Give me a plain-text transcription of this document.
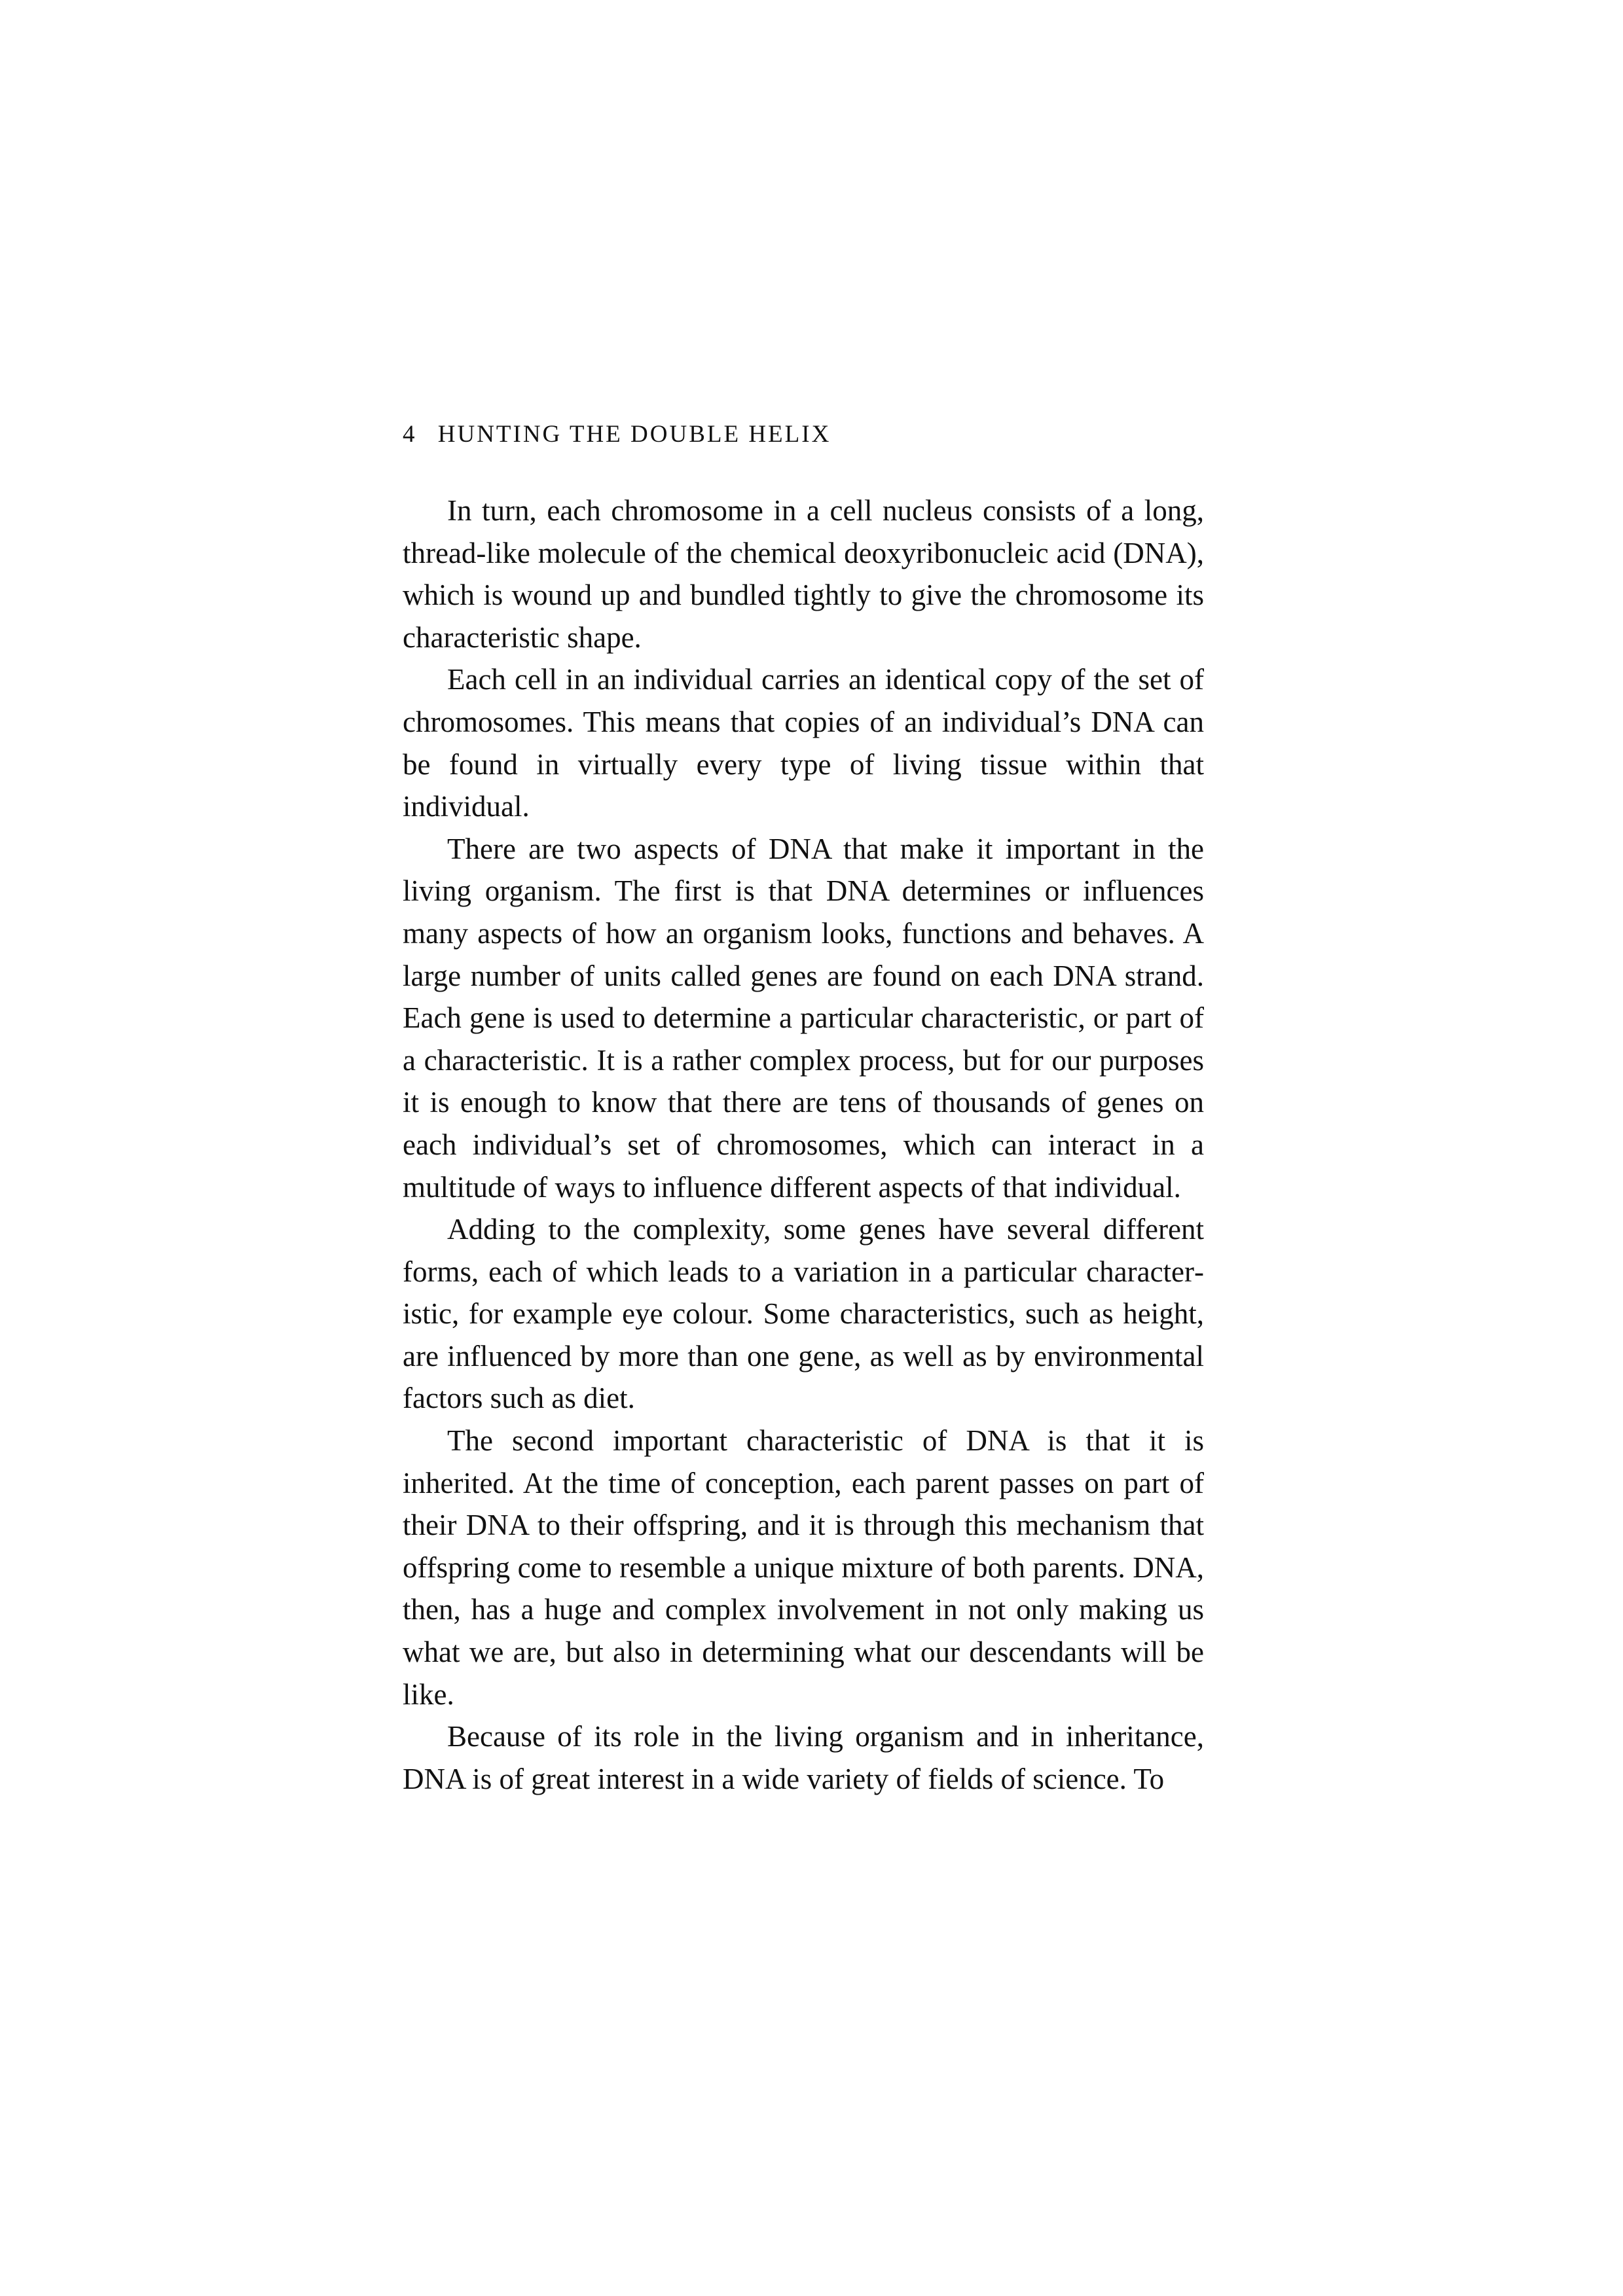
4 HUNTING THE DOUBLE HELIX

In turn, each chromosome in a cell nucleus consists of a long, thread-like molecule of the chemical deoxyribonucleic acid (DNA), which is wound up and bundled tightly to give the chromosome its characteristic shape.

Each cell in an individual carries an identical copy of the set of chromosomes. This means that copies of an individual’s DNA can be found in virtually every type of living tissue within that individual.

There are two aspects of DNA that make it important in the living organism. The first is that DNA determines or influences many aspects of how an organism looks, functions and behaves. A large number of units called genes are found on each DNA strand. Each gene is used to determine a particular characteristic, or part of a characteristic. It is a rather complex process, but for our purposes it is enough to know that there are tens of thousands of genes on each individual’s set of chromosomes, which can interact in a multitude of ways to influence different aspects of that individual.

Adding to the complexity, some genes have several different forms, each of which leads to a variation in a particular characteristic, for example eye colour. Some characteristics, such as height, are influenced by more than one gene, as well as by environmental factors such as diet.

The second important characteristic of DNA is that it is inherited. At the time of conception, each parent passes on part of their DNA to their offspring, and it is through this mechanism that offspring come to resemble a unique mixture of both parents. DNA, then, has a huge and complex involvement in not only making us what we are, but also in determining what our descendants will be like.

Because of its role in the living organism and in inheritance, DNA is of great interest in a wide variety of fields of science. To
